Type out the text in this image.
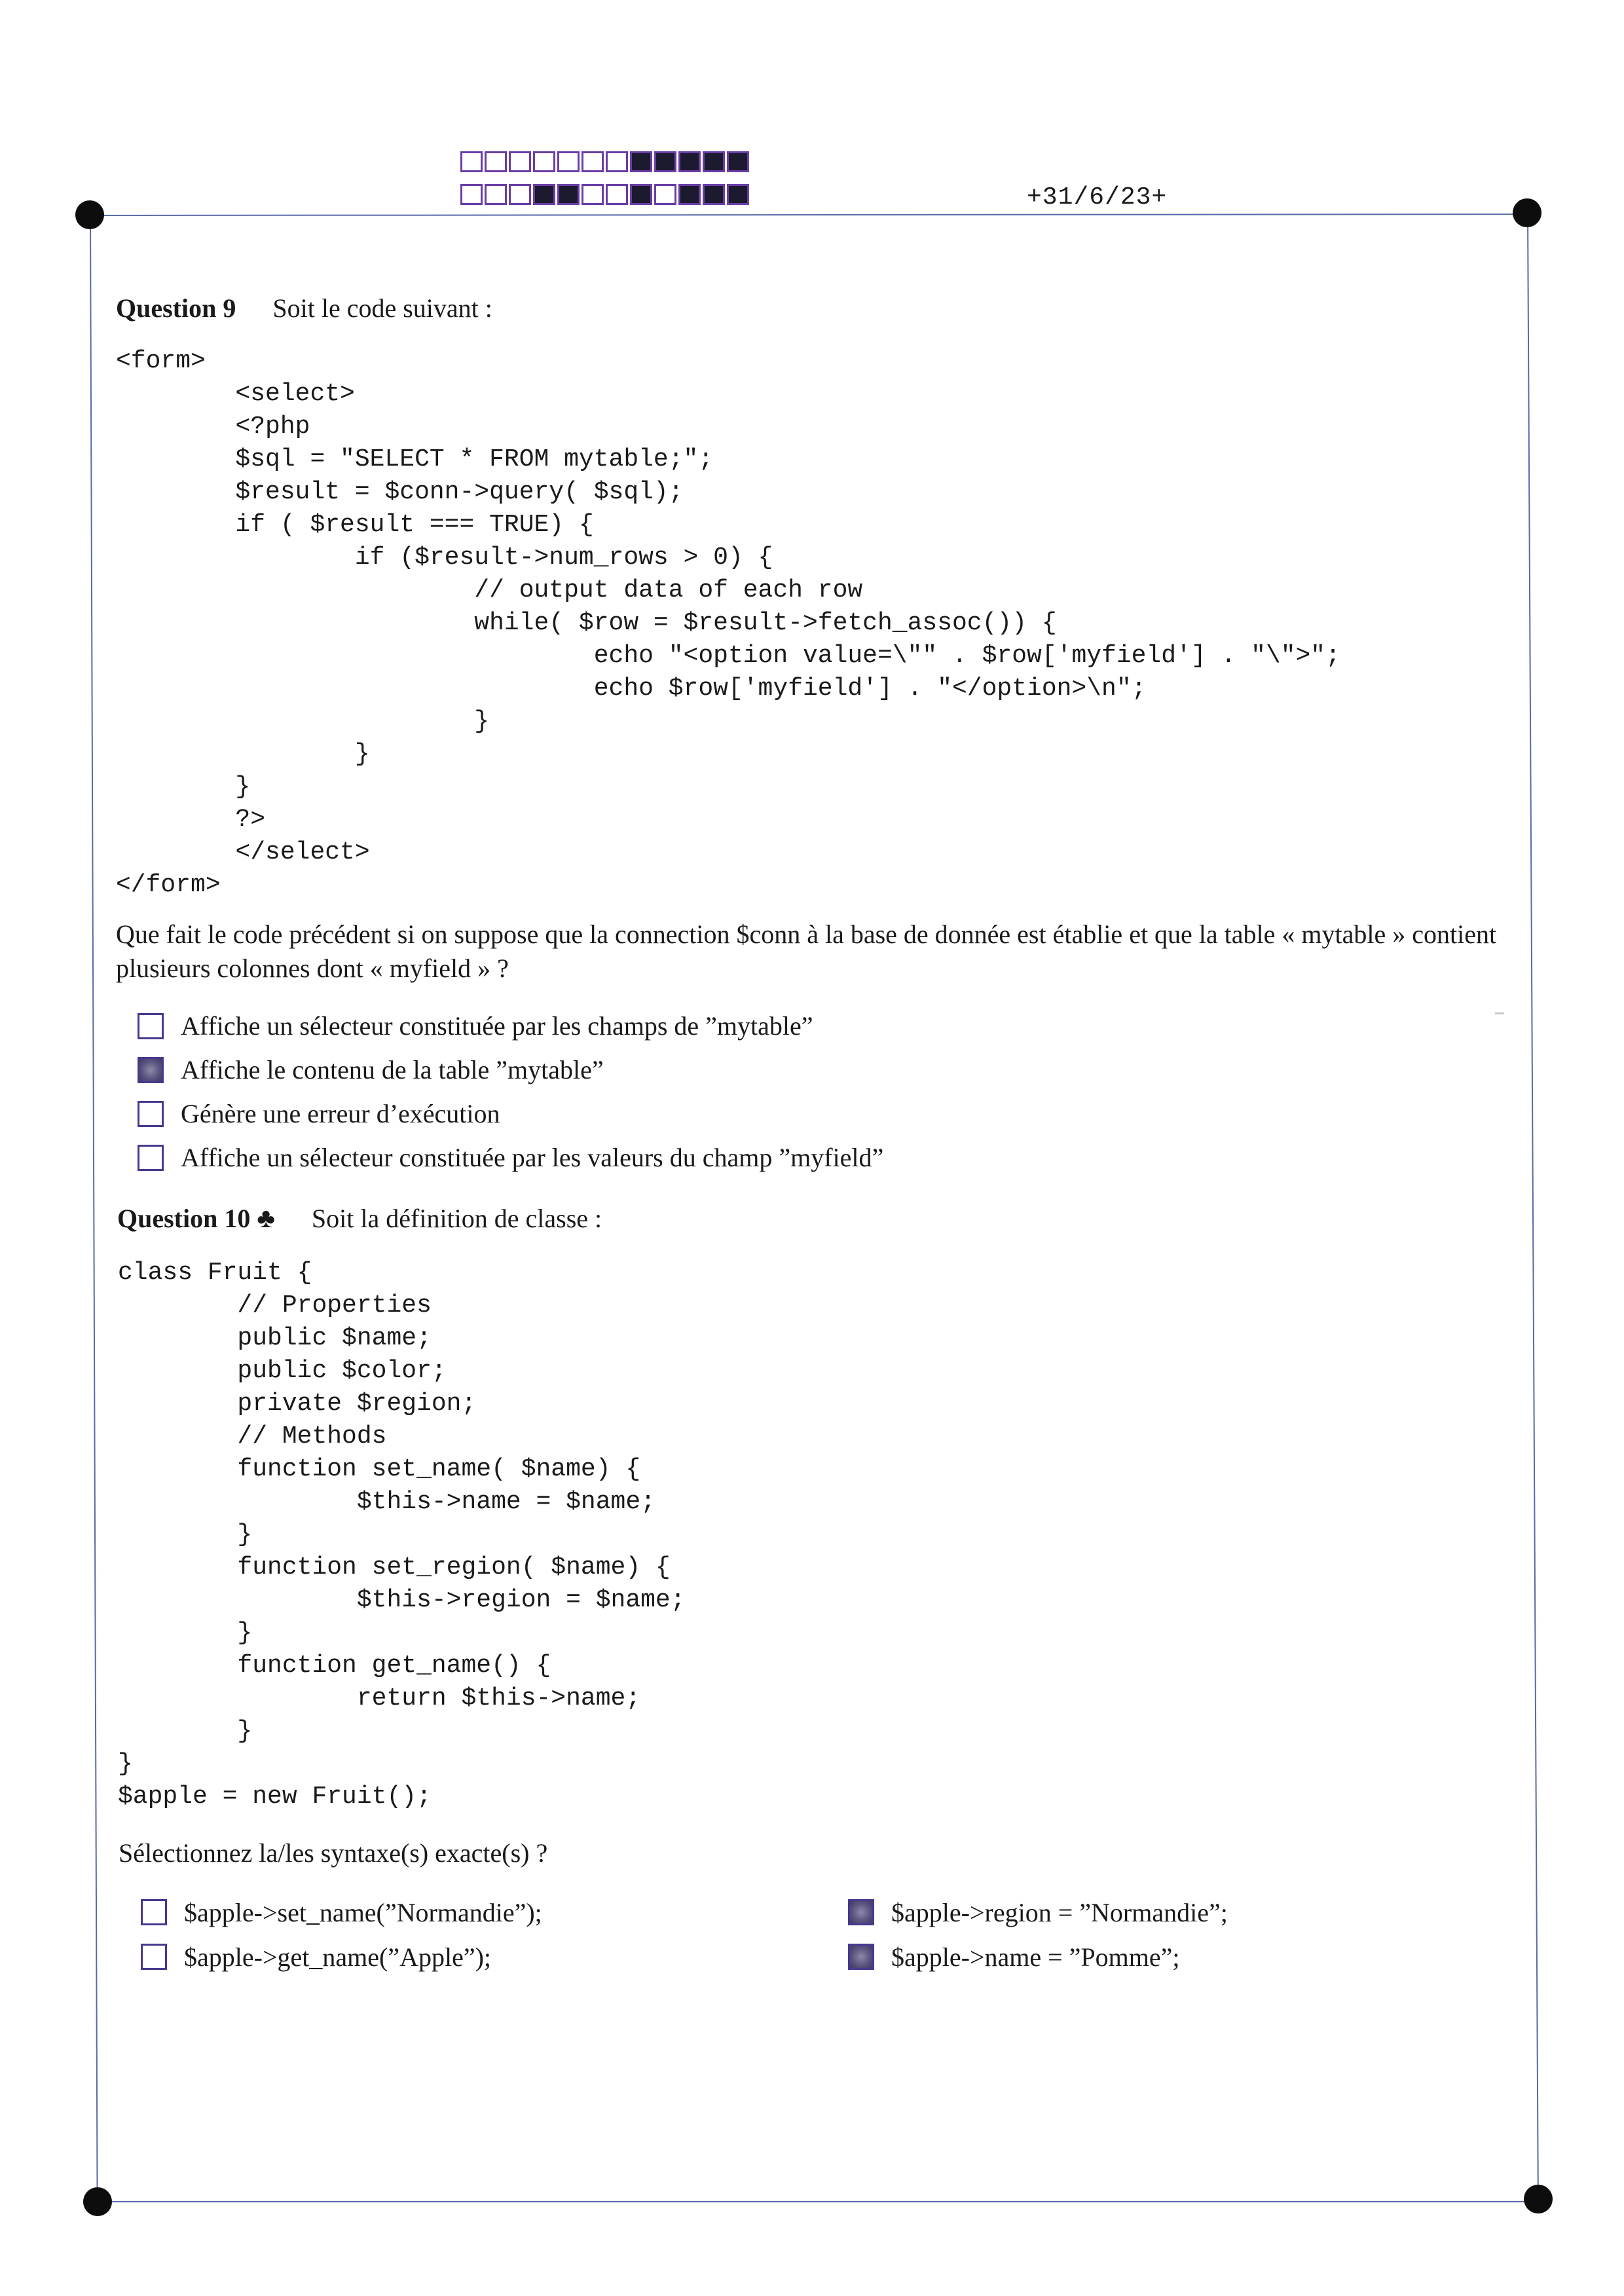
+31/6/23+
Question 9 Soit le code suivant :
<form>
<select>
<?php
$sql = "SELECT * FROM mytable;";
$result = $conn->query( $sql);
if ( $result === TRUE) {
if ($result->num_rows > 0) {
// output data of each row
while( $row = $result->fetch_assoc()) {
echo "<option value=\"" . $row['myfield'] . "\">";
echo $row['myfield'] . "</option>\n";
}
}
}
?>
</select>
</form>
Que fait le code précédent si on suppose que la connection $conn à la base de donnée est établie et que la table « mytable » contient plusieurs colonnes dont « myfield » ?
Affiche un sélecteur constituée par les champs de ”mytable”
Affiche le contenu de la table ”mytable”
Génère une erreur d’exécution
Affiche un sélecteur constituée par les valeurs du champ ”myfield”
Question 10 ♣ Soit la définition de classe :
class Fruit {
// Properties
public $name;
public $color;
private $region;
// Methods
function set_name( $name) {
$this->name = $name;
}
function set_region( $name) {
$this->region = $name;
}
function get_name() {
return $this->name;
}
}
$apple = new Fruit();
Sélectionnez la/les syntaxe(s) exacte(s) ?
$apple->set_name(”Normandie”);	$apple->region = ”Normandie”;
$apple->get_name(”Apple”);	$apple->name = ”Pomme”;
